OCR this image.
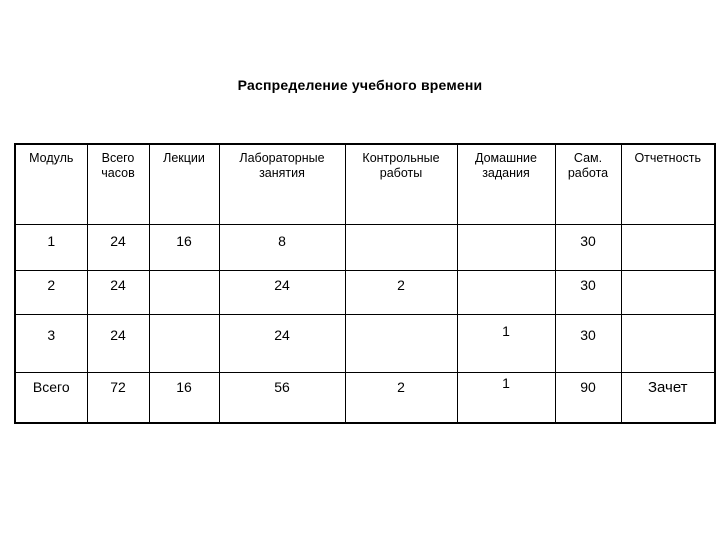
Распределение учебного времени
Модуль	Всего часов	Лекции	Лабораторные занятия	Контрольные работы	Домашние задания	Сам. работа	Отчетность
1	24	16	8			30	
2	24		24	2		30	
3	24		24		1	30	
Всего	72	16	56	2	1	90	Зачет
